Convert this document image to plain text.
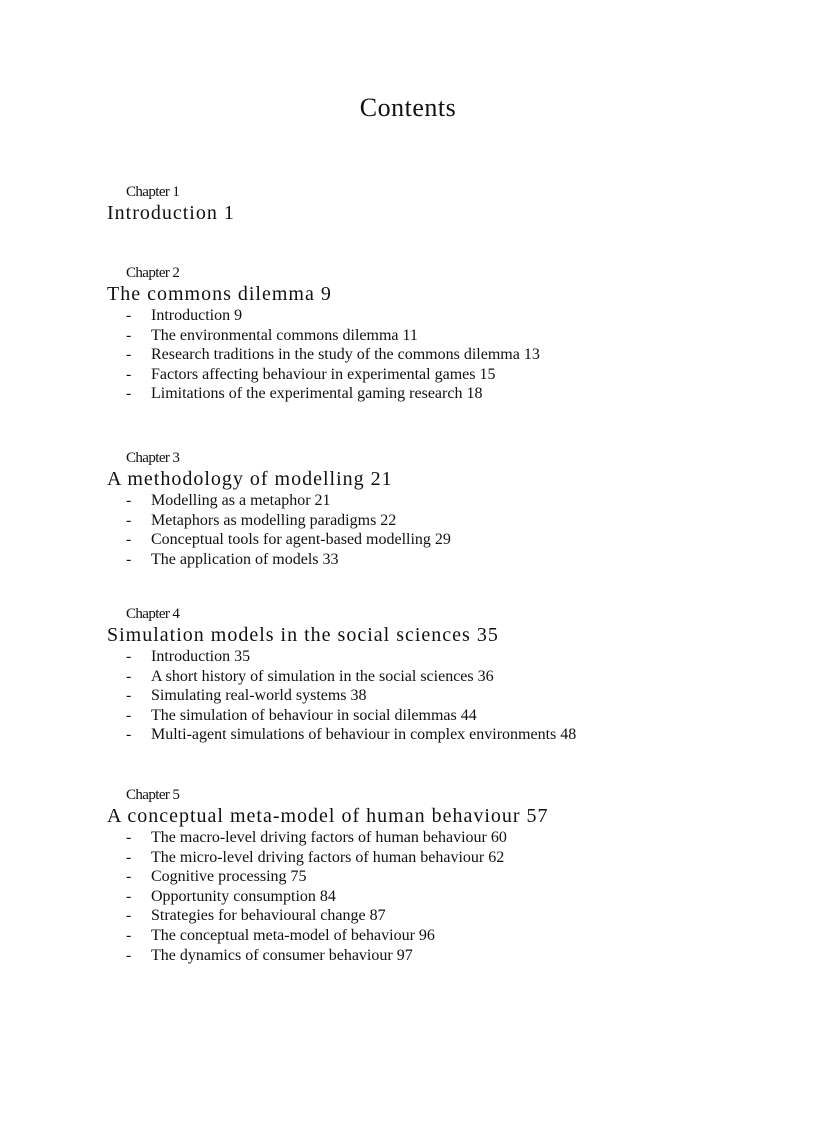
Contents
Chapter 1
Introduction 1
Chapter 2
The commons dilemma 9
- Introduction 9
- The environmental commons dilemma 11
- Research traditions in the study of the commons dilemma 13
- Factors affecting behaviour in experimental games 15
- Limitations of the experimental gaming research 18
Chapter 3
A methodology of modelling 21
- Modelling as a metaphor 21
- Metaphors as modelling paradigms 22
- Conceptual tools for agent-based modelling 29
- The application of models 33
Chapter 4
Simulation models in the social sciences 35
- Introduction 35
- A short history of simulation in the social sciences 36
- Simulating real-world systems 38
- The simulation of behaviour in social dilemmas 44
- Multi-agent simulations of behaviour in complex environments 48
Chapter 5
A conceptual meta-model of human behaviour 57
- The macro-level driving factors of human behaviour 60
- The micro-level driving factors of human behaviour 62
- Cognitive processing 75
- Opportunity consumption 84
- Strategies for behavioural change 87
- The conceptual meta-model of behaviour 96
- The dynamics of consumer behaviour 97
